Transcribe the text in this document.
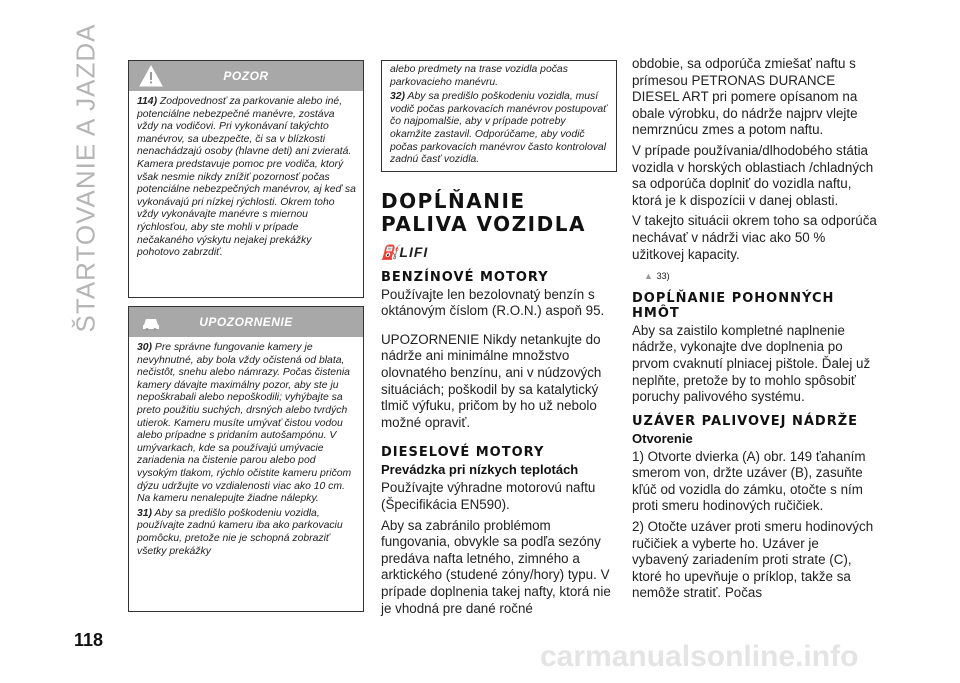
ŠTARTOVANIE A JAZDA	POZOR

114) Zodpovednosť za parkovanie alebo iné, potenciálne nebezpečné manévre, zostáva vždy na vodičovi. Pri vykonávaní takýchto manévrov, sa ubezpečte, či sa v blízkosti nenachádzajú osoby (hlavne deti) ani zvieratá. Kamera predstavuje pomoc pre vodiča, ktorý však nesmie nikdy znížiť pozornosť počas potenciálne nebezpečných manévrov, aj keď sa vykonávajú pri nízkej rýchlosti. Okrem toho vždy vykonávajte manévre s miernou rýchlosťou, aby ste mohli v prípade nečakaného výskytu nejakej prekážky pohotovo zabrzdiť.

UPOZORNENIE

30) Pre správne fungovanie kamery je nevyhnutné, aby bola vždy očistená od blata, nečistôt, snehu alebo námrazy. Počas čistenia kamery dávajte maximálny pozor, aby ste ju nepoškrabali alebo nepoškodili; vyhýbajte sa preto použitiu suchých, drsných alebo tvrdých utierok. Kameru musíte umývať čistou vodou alebo prípadne s pridaním autošampónu. V umývarkach, kde sa používajú umývacie zariadenia na čistenie parou alebo pod vysokým tlakom, rýchlo očistite kameru pričom dýzu udržujte vo vzdialenosti viac ako 10 cm. Na kameru nenalepujte žiadne nálepky.

31) Aby sa predišlo poškodeniu vozidla, používajte zadnú kameru iba ako parkovaciu pomôcku, pretože nie je schopná zobraziť všetky prekážky

alebo predmety na trase vozidla počas parkovacieho manévru.

32) Aby sa predišlo poškodeniu vozidla, musí vodič počas parkovacích manévrov postupovať čo najpomalšie, aby v prípade potreby okamžite zastavil. Odporúčame, aby vodič počas parkovacích manévrov často kontroloval zadnú časť vozidla.

DOPĹŇANIE PALIVA VOZIDLA
⛽LIFI
BENZÍNOVÉ MOTORY

Používajte len bezolovnatý benzín s oktánovým číslom (R.O.N.) aspoň 95.

UPOZORNENIE Nikdy netankujte do nádrže ani minimálne množstvo olovnatého benzínu, ani v núdzových situáciách; poškodil by sa katalytický tlmič výfuku, pričom by ho už nebolo možné opraviť.

DIESELOVÉ MOTORY
Prevádzka pri nízkych teplotách

Používajte výhradne motorovú naftu (Špecifikácia EN590).

Aby sa zabránilo problémom fungovania, obvykle sa podľa sezóny predáva nafta letného, zimného a arktického (studené zóny/hory) typu. V prípade doplnenia takej nafty, ktorá nie je vhodná pre dané ročné

obdobie, sa odporúča zmiešať naftu s prímesou PETRONAS DURANCE DIESEL ART pri pomere opísanom na obale výrobku, do nádrže najprv vlejte nemrznúcu zmes a potom naftu.

V prípade používania/dlhodobého státia vozidla v horských oblastiach /chladných sa odporúča doplniť do vozidla naftu, ktorá je k dispozícii v danej oblasti.

V takejto situácii okrem toho sa odporúča nechávať v nádrži viac ako 50 % užitkovej kapacity.

▲ 33)
DOPĹŇANIE POHONNÝCH HMÔT

Aby sa zaistilo kompletné naplnenie nádrže, vykonajte dve doplnenia po prvom cvaknutí plniacej pištole. Ďalej už neplňte, pretože by to mohlo spôsobiť poruchy palivového systému.

UZÁVER PALIVOVEJ NÁDRŽE
Otvorenie

1) Otvorte dvierka (A) obr. 149 ťahaním smerom von, držte uzáver (B), zasuňte kľúč od vozidla do zámku, otočte s ním proti smeru hodinových ručičiek.

2) Otočte uzáver proti smeru hodinových ručičiek a vyberte ho. Uzáver je vybavený zariadením proti strate (C), ktoré ho upevňuje o príklop, takže sa nemôže stratiť. Počas

118	carmanualsonline.info
